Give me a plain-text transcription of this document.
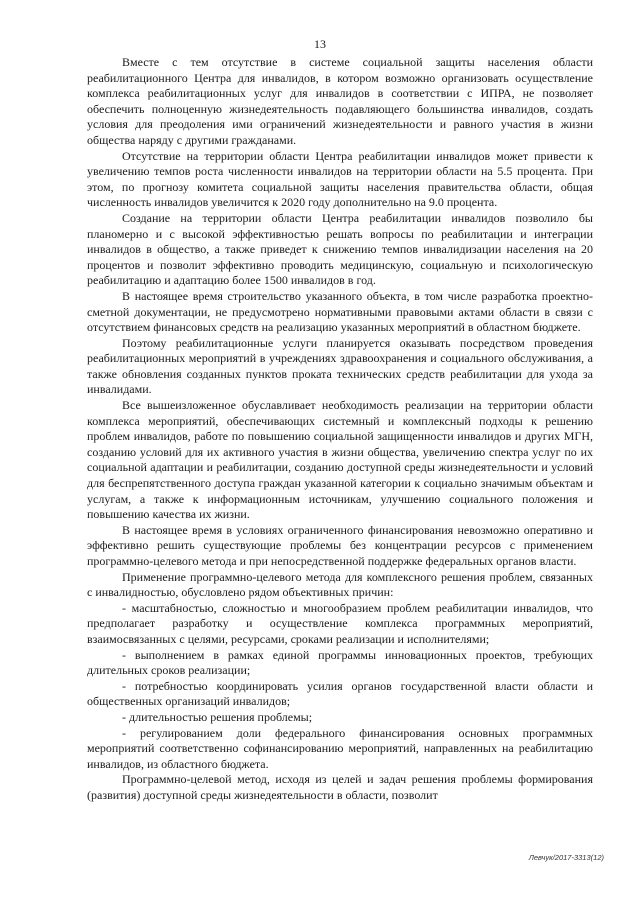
13

Вместе с тем отсутствие в системе социальной защиты населения области реабилитационного Центра для инвалидов, в котором возможно организовать осуществление комплекса реабилитационных услуг для инвалидов в соответствии с ИПРА, не позволяет обеспечить полноценную жизнедеятельность подавляющего большинства инвалидов, создать условия для преодоления ими ограничений жизнедеятельности и равного участия в жизни общества наряду с другими гражданами.

Отсутствие на территории области Центра реабилитации инвалидов может привести к увеличению темпов роста численности инвалидов на территории области на 5.5 процента. При этом, по прогнозу комитета социальной защиты населения правительства области, общая численность инвалидов увеличится к 2020 году дополнительно на 9.0 процента.

Создание на территории области Центра реабилитации инвалидов позволило бы планомерно и с высокой эффективностью решать вопросы по реабилитации и интеграции инвалидов в общество, а также приведет к снижению темпов инвалидизации населения на 20 процентов и позволит эффективно проводить медицинскую, социальную и психологическую реабилитацию и адаптацию более 1500 инвалидов в год.

В настоящее время строительство указанного объекта, в том числе разработка проектно-сметной документации, не предусмотрено нормативными правовыми актами области в связи с отсутствием финансовых средств на реализацию указанных мероприятий в областном бюджете.

Поэтому реабилитационные услуги планируется оказывать посредством проведения реабилитационных мероприятий в учреждениях здравоохранения и социального обслуживания, а также обновления созданных пунктов проката технических средств реабилитации для ухода за инвалидами.

Все вышеизложенное обуславливает необходимость реализации на территории области комплекса мероприятий, обеспечивающих системный и комплексный подходы к решению проблем инвалидов, работе по повышению социальной защищенности инвалидов и других МГН, созданию условий для их активного участия в жизни общества, увеличению спектра услуг по их социальной адаптации и реабилитации, созданию доступной среды жизнедеятельности и условий для беспрепятственного доступа граждан указанной категории к социально значимым объектам и услугам, а также к информационным источникам, улучшению социального положения и повышению качества их жизни.

В настоящее время в условиях ограниченного финансирования невозможно оперативно и эффективно решить существующие проблемы без концентрации ресурсов с применением программно-целевого метода и при непосредственной поддержке федеральных органов власти.

Применение программно-целевого метода для комплексного решения проблем, связанных с инвалидностью, обусловлено рядом объективных причин:

- масштабностью, сложностью и многообразием проблем реабилитации инвалидов, что предполагает разработку и осуществление комплекса программных мероприятий, взаимосвязанных с целями, ресурсами, сроками реализации и исполнителями;

- выполнением в рамках единой программы инновационных проектов, требующих длительных сроков реализации;

- потребностью координировать усилия органов государственной власти области и общественных организаций инвалидов;

- длительностью решения проблемы;

- регулированием доли федерального финансирования основных программных мероприятий соответственно софинансированию мероприятий, направленных на реабилитацию инвалидов, из областного бюджета.

Программно-целевой метод, исходя из целей и задач решения проблемы формирования (развития) доступной среды жизнедеятельности в области, позволит

Левчук/2017-3313(12)
